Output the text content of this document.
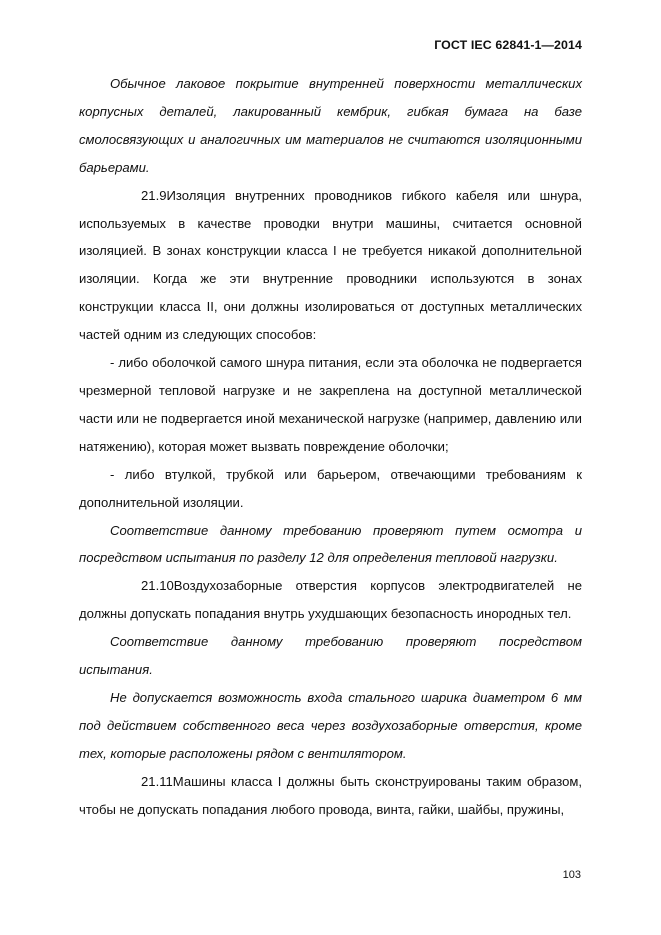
ГОСТ IEC 62841-1—2014

Обычное лаковое покрытие внутренней поверхности металлических корпусных деталей, лакированный кембрик, гибкая бумага на базе смолосвязующих и аналогичных им материалов не считаются изоляционными барьерами.

21.9Изоляция внутренних проводников гибкого кабеля или шнура, используемых в качестве проводки внутри машины, считается основной изоляцией. В зонах конструкции класса I не требуется никакой дополнительной изоляции. Когда же эти внутренние проводники используются в зонах конструкции класса II, они должны изолироваться от доступных металлических частей одним из следующих способов:

- либо оболочкой самого шнура питания, если эта оболочка не подвергается чрезмерной тепловой нагрузке и не закреплена на доступной металлической части или не подвергается иной механической нагрузке (например, давлению или натяжению), которая может вызвать повреждение оболочки;

- либо втулкой, трубкой или барьером, отвечающими требованиям к дополнительной изоляции.

Соответствие данному требованию проверяют путем осмотра и посредством испытания по разделу 12 для определения тепловой нагрузки.

21.10Воздухозаборные отверстия корпусов электродвигателей не должны допускать попадания внутрь ухудшающих безопасность инородных тел.

Соответствие данному требованию проверяют посредством испытания.

Не допускается возможность входа стального шарика диаметром 6 мм под действием собственного веса через воздухозаборные отверстия, кроме тех, которые расположены рядом с вентилятором.

21.11Машины класса I должны быть сконструированы таким образом, чтобы не допускать попадания любого провода, винта, гайки, шайбы, пружины,

103
